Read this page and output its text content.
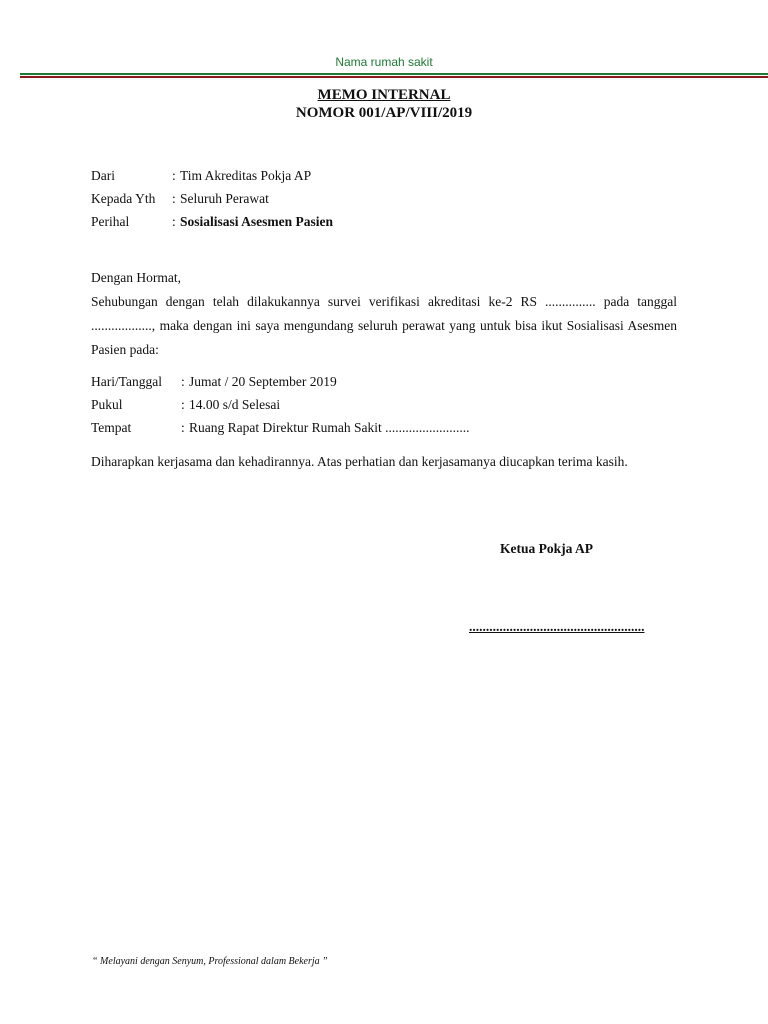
Nama rumah sakit
MEMO INTERNAL
NOMOR 001/AP/VIII/2019
Dari	: Tim Akreditas Pokja AP
Kepada Yth	: Seluruh Perawat
Perihal	: Sosialisasi Asesmen Pasien
Dengan Hormat,
Sehubungan dengan telah dilakukannya survei verifikasi akreditasi ke-2 RS ............... pada tanggal .................., maka dengan ini saya mengundang seluruh perawat yang untuk bisa ikut Sosialisasi Asesmen Pasien pada:
Hari/Tanggal	: Jumat / 20 September 2019
Pukul	: 14.00 s/d Selesai
Tempat	: Ruang Rapat Direktur Rumah Sakit .........................
Diharapkan kerjasama dan kehadirannya. Atas perhatian dan kerjasamanya diucapkan terima kasih.
Ketua Pokja AP
....................................................
“ Melayani dengan Senyum, Professional dalam Bekerja ”
